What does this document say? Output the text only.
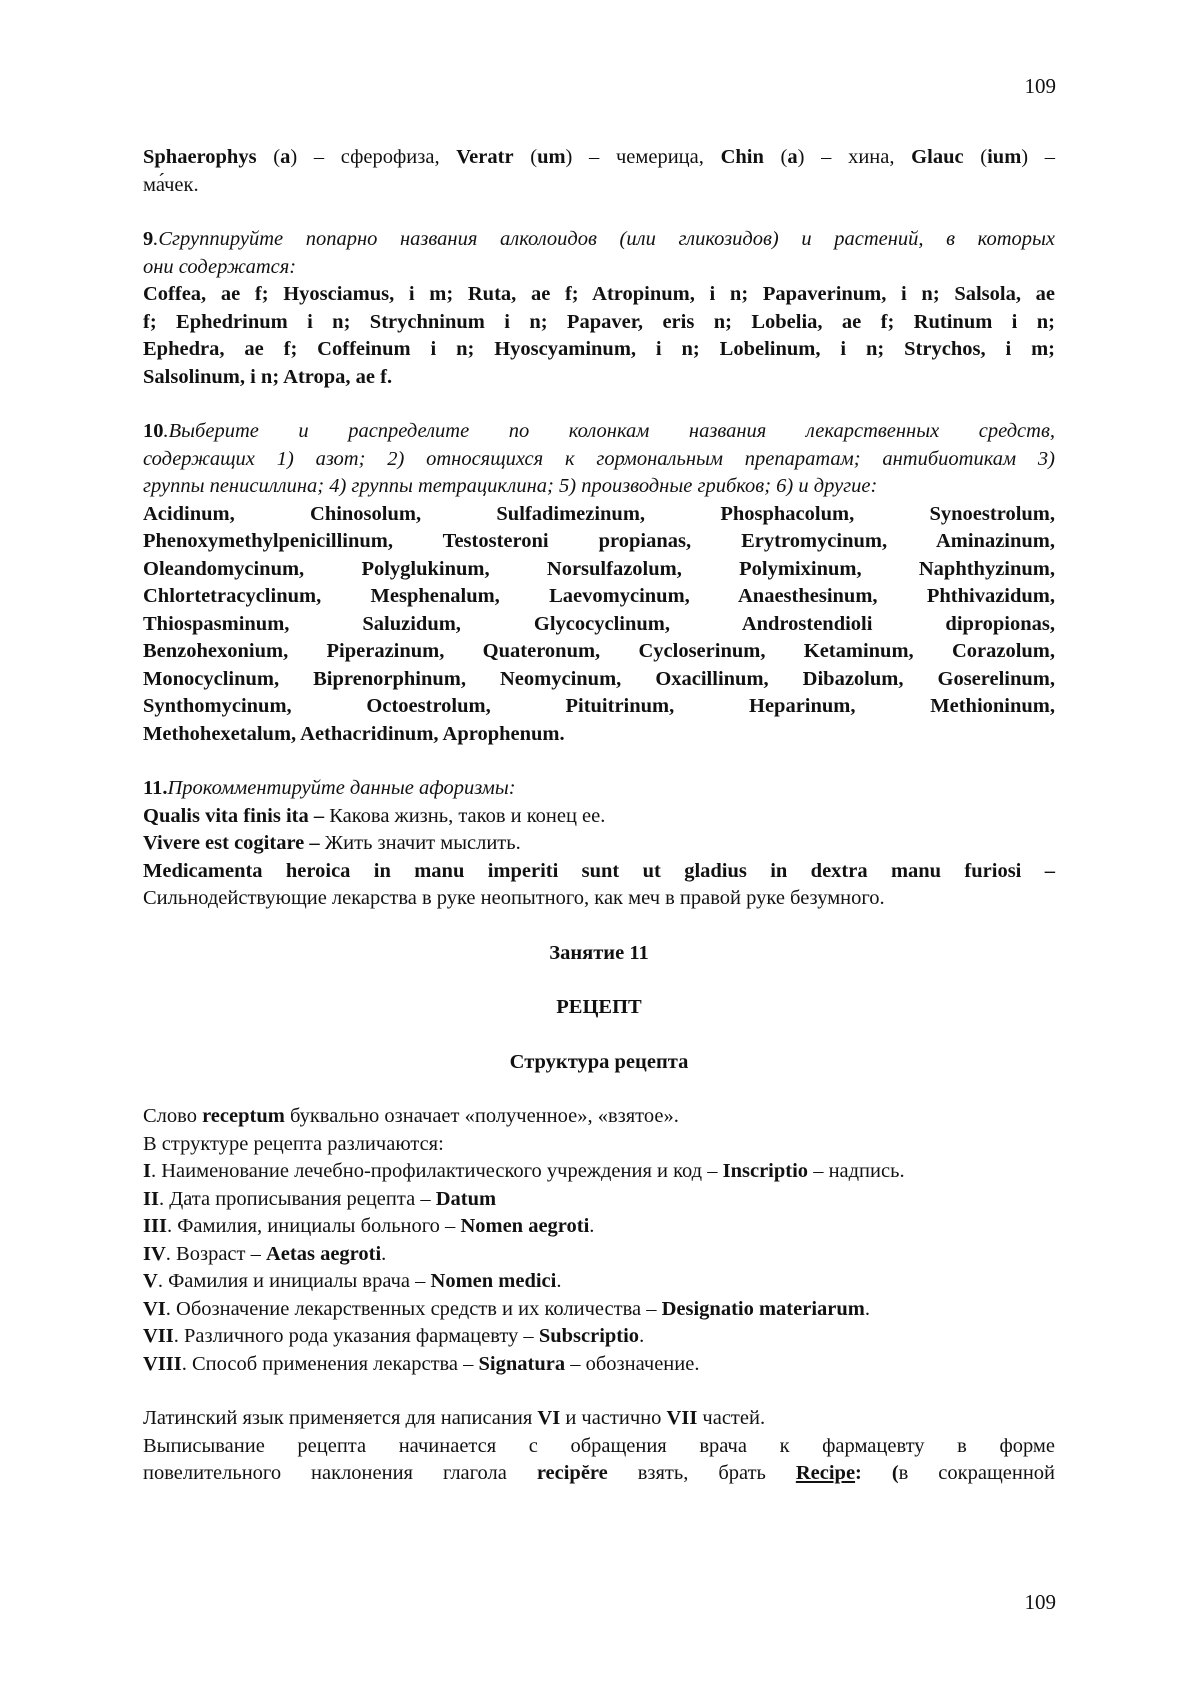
109

Sphaerophys (a) – сферофиза, Veratr (um) – чемерица, Chin (a) – хина, Glauc (ium) –

ма́чек.

9.Сгруппируйте попарно названия алколоидов (или гликозидов) и растений, в которых

они содержатся:

Coffea, ae f; Hyosciamus, i m; Ruta, ae f; Atropinum, i n; Papaverinum, i n; Salsola, ae

f; Ephedrinum i n; Strychninum i n; Papaver, eris n; Lobelia, ae f; Rutinum i n;

Ephedra, ae f; Coffeinum i n; Hyoscyaminum, i n; Lobelinum, i n; Strychos, i m;

Salsolinum, i n; Atropa, ae f.

10.Выберите и распределите по колонкам названия лекарственных средств,

содержащих 1) азот; 2) относящихся к гормональным препаратам; антибиотикам 3)

группы пенисиллина; 4) группы тетрациклина; 5) производные грибков; 6) и другие:

Acidinum, Chinosolum, Sulfadimezinum, Phosphacolum, Synoestrolum,

Phenoxymethylpenicillinum, Testosteroni propianas, Erytromycinum, Aminazinum,

Oleandomycinum, Polyglukinum, Norsulfazolum, Polymixinum, Naphthyzinum,

Chlortetracyclinum, Mesphenalum, Laevomycinum, Anaesthesinum, Phthivazidum,

Thiospasminum, Saluzidum, Glycocyclinum, Androstendioli dipropionas,

Benzohexonium, Piperazinum, Quateronum, Cycloserinum, Ketaminum, Corazolum,

Monocyclinum, Biprenorphinum, Neomycinum, Oxacillinum, Dibazolum, Goserelinum,

Synthomycinum, Octoestrolum, Pituitrinum, Heparinum, Methioninum,

Methohexetalum, Aethacridinum, Aprophenum.

11.Прокомментируйте данные афоризмы:

Qualis vita finis ita – Какова жизнь, таков и конец ее.

Vivere est cogitare – Жить значит мыслить.

Medicamenta heroica in manu imperiti sunt ut gladius in dextra manu furiosi –

Сильнодействующие лекарства в руке неопытного, как меч в правой руке безумного.

Занятие 11

РЕЦЕПТ

Структура рецепта

Слово receptum буквально означает «полученное», «взятое».

В структуре рецепта различаются:

I. Наименование лечебно-профилактического учреждения и код – Inscriptio – надпись.

II. Дата прописывания рецепта – Datum

III. Фамилия, инициалы больного – Nomen aegroti.

IV. Возраст – Aetas aegroti.

V. Фамилия и инициалы врача – Nomen medici.

VI. Обозначение лекарственных средств и их количества – Designatio materiarum.

VII. Различного рода указания фармацевту – Subscriptio.

VIII. Способ применения лекарства – Signatura – обозначение.

Латинский язык применяется для написания VI и частично VII частей.

Выписывание рецепта начинается с обращения врача к фармацевту в форме

повелительного наклонения глагола recipĕre взять, брать Recipe: (в сокращенной

109
